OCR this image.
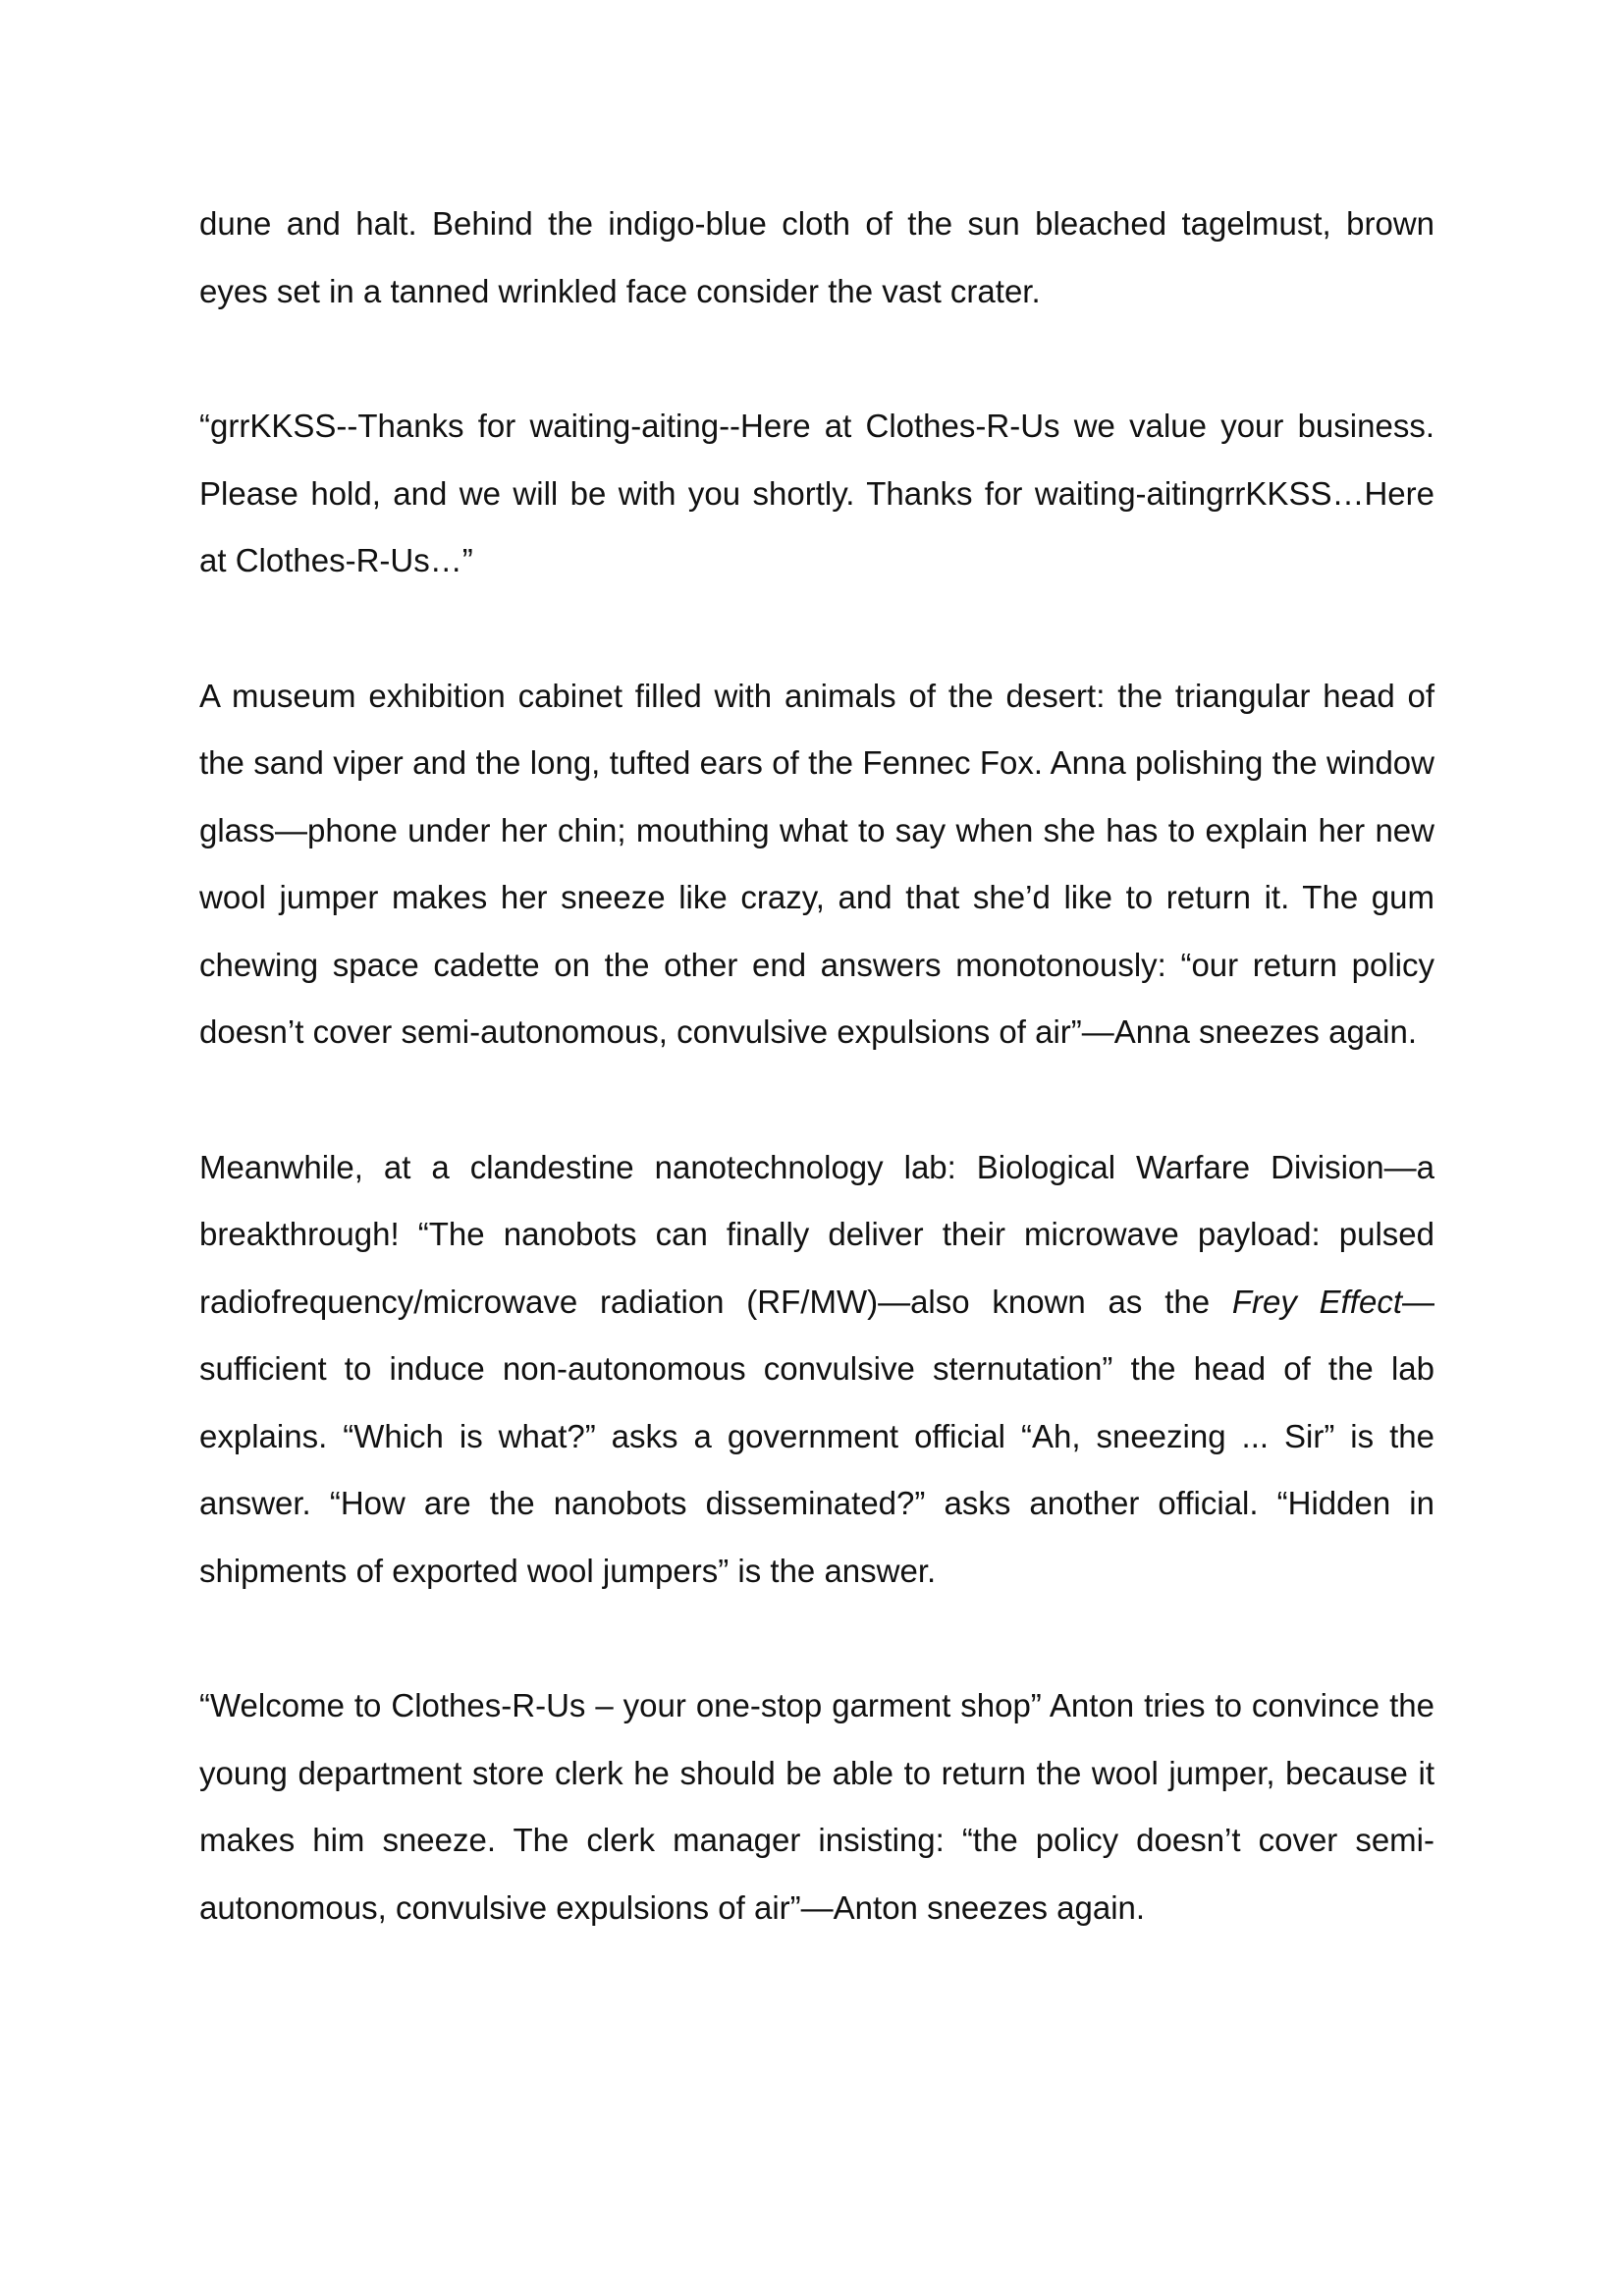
dune and halt. Behind the indigo-blue cloth of the sun bleached tagelmust, brown eyes set in a tanned wrinkled face consider the vast crater.

“grrKKSS--Thanks for waiting-aiting--Here at Clothes-R-Us we value your business. Please hold, and we will be with you shortly. Thanks for waiting-aitingrrKKSS…Here at Clothes-R-Us…”

A museum exhibition cabinet filled with animals of the desert: the triangular head of the sand viper and the long, tufted ears of the Fennec Fox. Anna polishing the window glass—phone under her chin; mouthing what to say when she has to explain her new wool jumper makes her sneeze like crazy, and that she’d like to return it. The gum chewing space cadette on the other end answers monotonously: “our return policy doesn’t cover semi-autonomous, convulsive expulsions of air”—Anna sneezes again.

Meanwhile, at a clandestine nanotechnology lab: Biological Warfare Division—a breakthrough! “The nanobots can finally deliver their microwave payload: pulsed radiofrequency/microwave radiation (RF/MW)—also known as the Frey Effect—sufficient to induce non-autonomous convulsive sternutation” the head of the lab explains. “Which is what?” asks a government official “Ah, sneezing ... Sir” is the answer. “How are the nanobots disseminated?” asks another official. “Hidden in shipments of exported wool jumpers” is the answer.

“Welcome to Clothes-R-Us – your one-stop garment shop” Anton tries to convince the young department store clerk he should be able to return the wool jumper, because it makes him sneeze. The clerk manager insisting: “the policy doesn’t cover semi-autonomous, convulsive expulsions of air”—Anton sneezes again.
